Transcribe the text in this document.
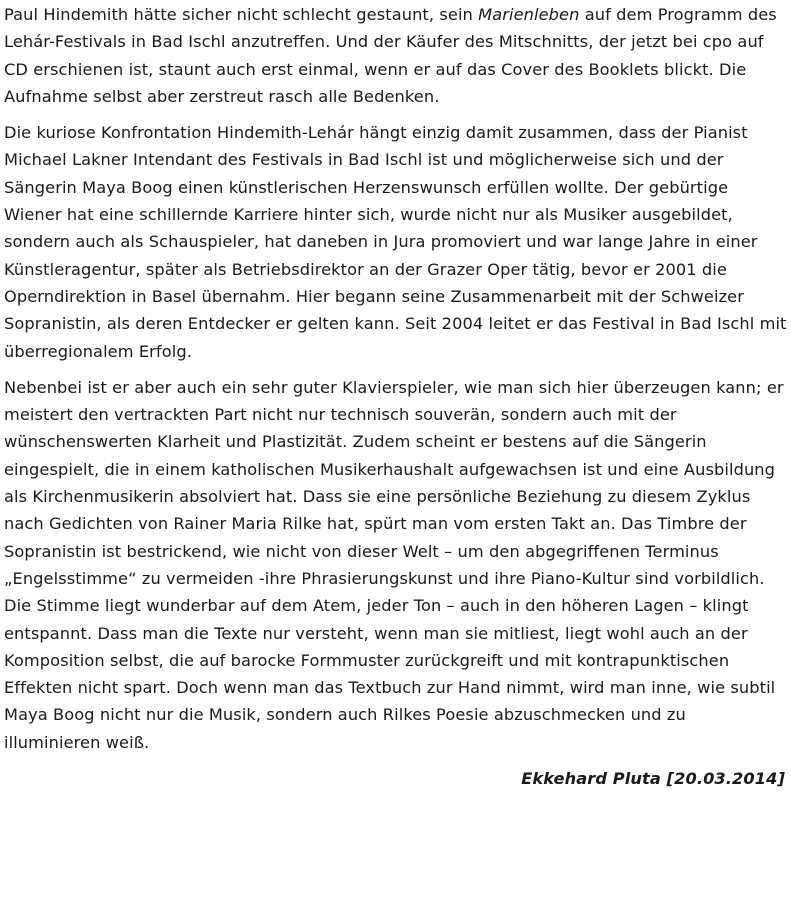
Paul Hindemith hätte sicher nicht schlecht gestaunt, sein Marienleben auf dem Programm des Lehár-Festivals in Bad Ischl anzutreffen. Und der Käufer des Mitschnitts, der jetzt bei cpo auf CD erschienen ist, staunt auch erst einmal, wenn er auf das Cover des Booklets blickt. Die Aufnahme selbst aber zerstreut rasch alle Bedenken.

Die kuriose Konfrontation Hindemith-Lehár hängt einzig damit zusammen, dass der Pianist Michael Lakner Intendant des Festivals in Bad Ischl ist und möglicherweise sich und der Sängerin Maya Boog einen künstlerischen Herzenswunsch erfüllen wollte. Der gebürtige Wiener hat eine schillernde Karriere hinter sich, wurde nicht nur als Musiker ausgebildet, sondern auch als Schauspieler, hat daneben in Jura promoviert und war lange Jahre in einer Künstleragentur, später als Betriebsdirektor an der Grazer Oper tätig, bevor er 2001 die Operndirektion in Basel übernahm. Hier begann seine Zusammenarbeit mit der Schweizer Sopranistin, als deren Entdecker er gelten kann. Seit 2004 leitet er das Festival in Bad Ischl mit überregionalem Erfolg.

Nebenbei ist er aber auch ein sehr guter Klavierspieler, wie man sich hier überzeugen kann; er meistert den vertrackten Part nicht nur technisch souverän, sondern auch mit der wünschenswerten Klarheit und Plastizität. Zudem scheint er bestens auf die Sängerin eingespielt, die in einem katholischen Musikerhaushalt aufgewachsen ist und eine Ausbildung als Kirchenmusikerin absolviert hat. Dass sie eine persönliche Beziehung zu diesem Zyklus nach Gedichten von Rainer Maria Rilke hat, spürt man vom ersten Takt an. Das Timbre der Sopranistin ist bestrickend, wie nicht von dieser Welt – um den abgegriffenen Terminus „Engelsstimme“ zu vermeiden -ihre Phrasierungskunst und ihre Piano-Kultur sind vorbildlich. Die Stimme liegt wunderbar auf dem Atem, jeder Ton – auch in den höheren Lagen – klingt entspannt. Dass man die Texte nur versteht, wenn man sie mitliest, liegt wohl auch an der Komposition selbst, die auf barocke Formmuster zurückgreift und mit kontrapunktischen Effekten nicht spart. Doch wenn man das Textbuch zur Hand nimmt, wird man inne, wie subtil Maya Boog nicht nur die Musik, sondern auch Rilkes Poesie abzuschmecken und zu illuminieren weiß.

Ekkehard Pluta [20.03.2014]
